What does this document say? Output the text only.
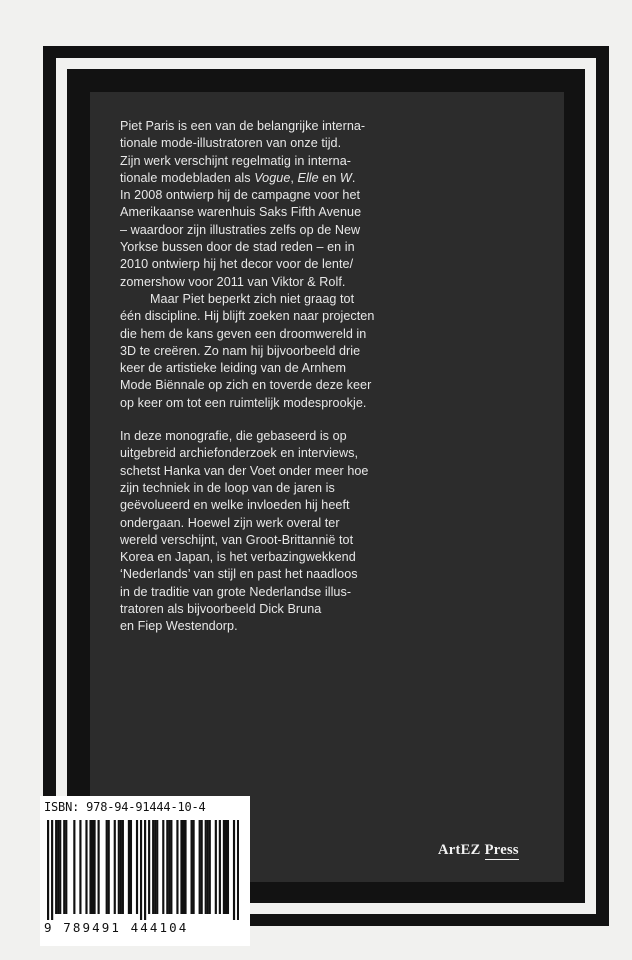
Piet Paris is een van de belangrijke interna-
tionale mode-illustratoren van onze tijd.
Zijn werk verschijnt regelmatig in interna-
tionale modebladen als Vogue, Elle en W.
In 2008 ontwierp hij de campagne voor het
Amerikaanse warenhuis Saks Fifth Avenue
– waardoor zijn illustraties zelfs op de New
Yorkse bussen door de stad reden – en in
2010 ontwierp hij het decor voor de lente/
zomershow voor 2011 van Viktor & Rolf.

Maar Piet beperkt zich niet graag tot
één discipline. Hij blijft zoeken naar projecten
die hem de kans geven een droomwereld in
3D te creëren. Zo nam hij bijvoorbeeld drie
keer de artistieke leiding van de Arnhem
Mode Biënnale op zich en toverde deze keer
op keer om tot een ruimtelijk modesprookje.

In deze monografie, die gebaseerd is op
uitgebreid archiefonderzoek en interviews,
schetst Hanka van der Voet onder meer hoe
zijn techniek in de loop van de jaren is
geëvolueerd en welke invloeden hij heeft
ondergaan. Hoewel zijn werk overal ter
wereld verschijnt, van Groot-Brittannië tot
Korea en Japan, is het verbazingwekkend
‘Nederlands’ van stijl en past het naadloos
in de traditie van grote Nederlandse illus-
tratoren als bijvoorbeeld Dick Bruna
en Fiep Westendorp.

ISBN: 978-94-91444-10-4
9 789491 444104
ArtEZ Press
